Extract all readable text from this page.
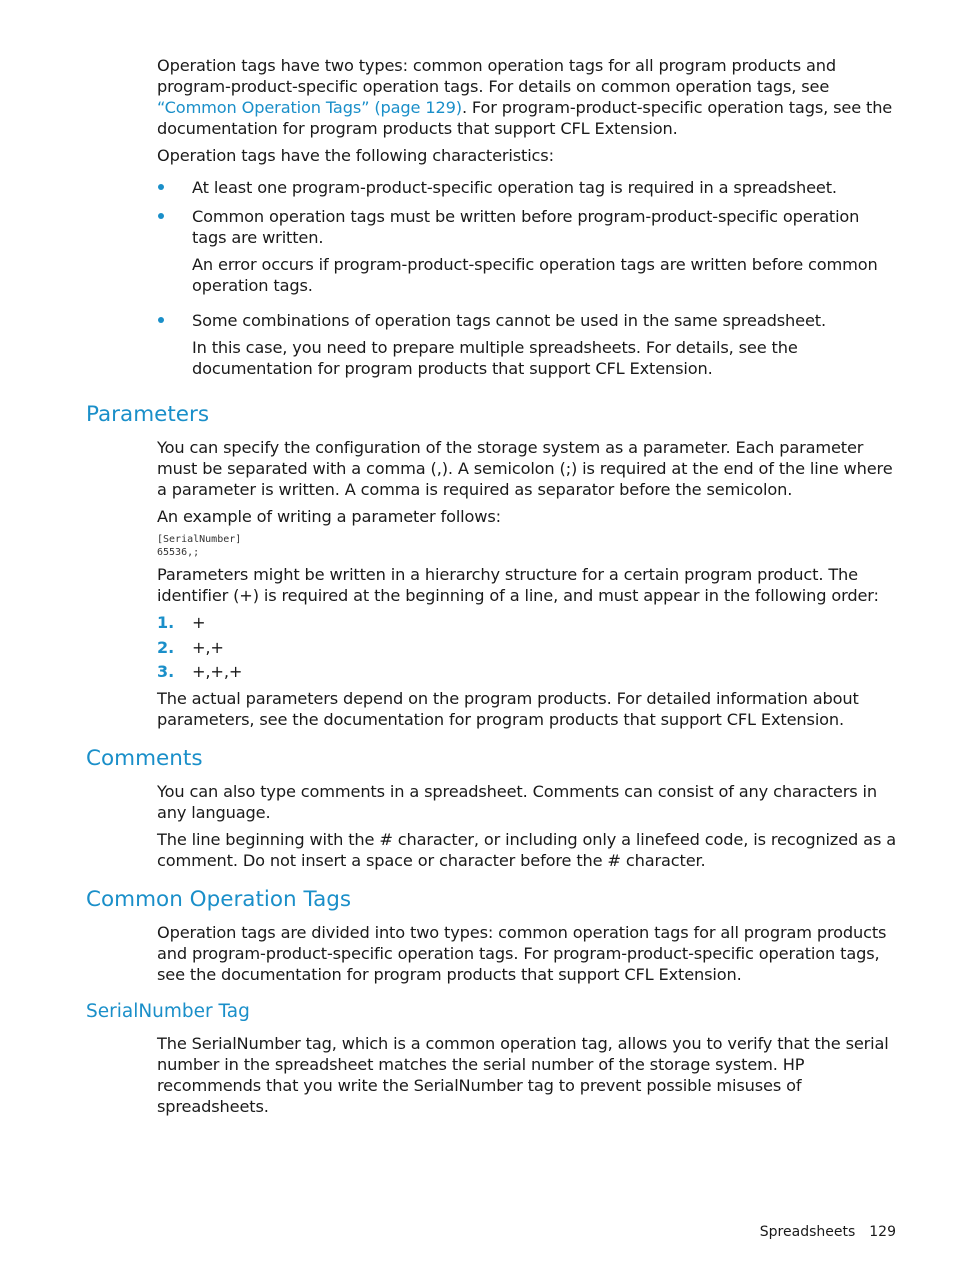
Operation tags have two types: common operation tags for all program products and program-product-specific operation tags. For details on common operation tags, see “Common Operation Tags” (page 129). For program-product-specific operation tags, see the documentation for program products that support CFL Extension.

Operation tags have the following characteristics:

At least one program-product-specific operation tag is required in a spreadsheet.

Common operation tags must be written before program-product-specific operation tags are written.

An error occurs if program-product-specific operation tags are written before common operation tags.

Some combinations of operation tags cannot be used in the same spreadsheet.

In this case, you need to prepare multiple spreadsheets. For details, see the documentation for program products that support CFL Extension.

Parameters

You can specify the configuration of the storage system as a parameter. Each parameter must be separated with a comma (,). A semicolon (;) is required at the end of the line where a parameter is written. A comma is required as separator before the semicolon.

An example of writing a parameter follows:

[SerialNumber]
65536,;

Parameters might be written in a hierarchy structure for a certain program product. The identifier (+) is required at the beginning of a line, and must appear in the following order:

1. +

2. +,+

3. +,+,+

The actual parameters depend on the program products. For detailed information about parameters, see the documentation for program products that support CFL Extension.

Comments

You can also type comments in a spreadsheet. Comments can consist of any characters in any language.

The line beginning with the # character, or including only a linefeed code, is recognized as a comment. Do not insert a space or character before the # character.

Common Operation Tags

Operation tags are divided into two types: common operation tags for all program products and program-product-specific operation tags. For program-product-specific operation tags, see the documentation for program products that support CFL Extension.

SerialNumber Tag

The SerialNumber tag, which is a common operation tag, allows you to verify that the serial number in the spreadsheet matches the serial number of the storage system. HP recommends that you write the SerialNumber tag to prevent possible misuses of spreadsheets.

Spreadsheets 129
